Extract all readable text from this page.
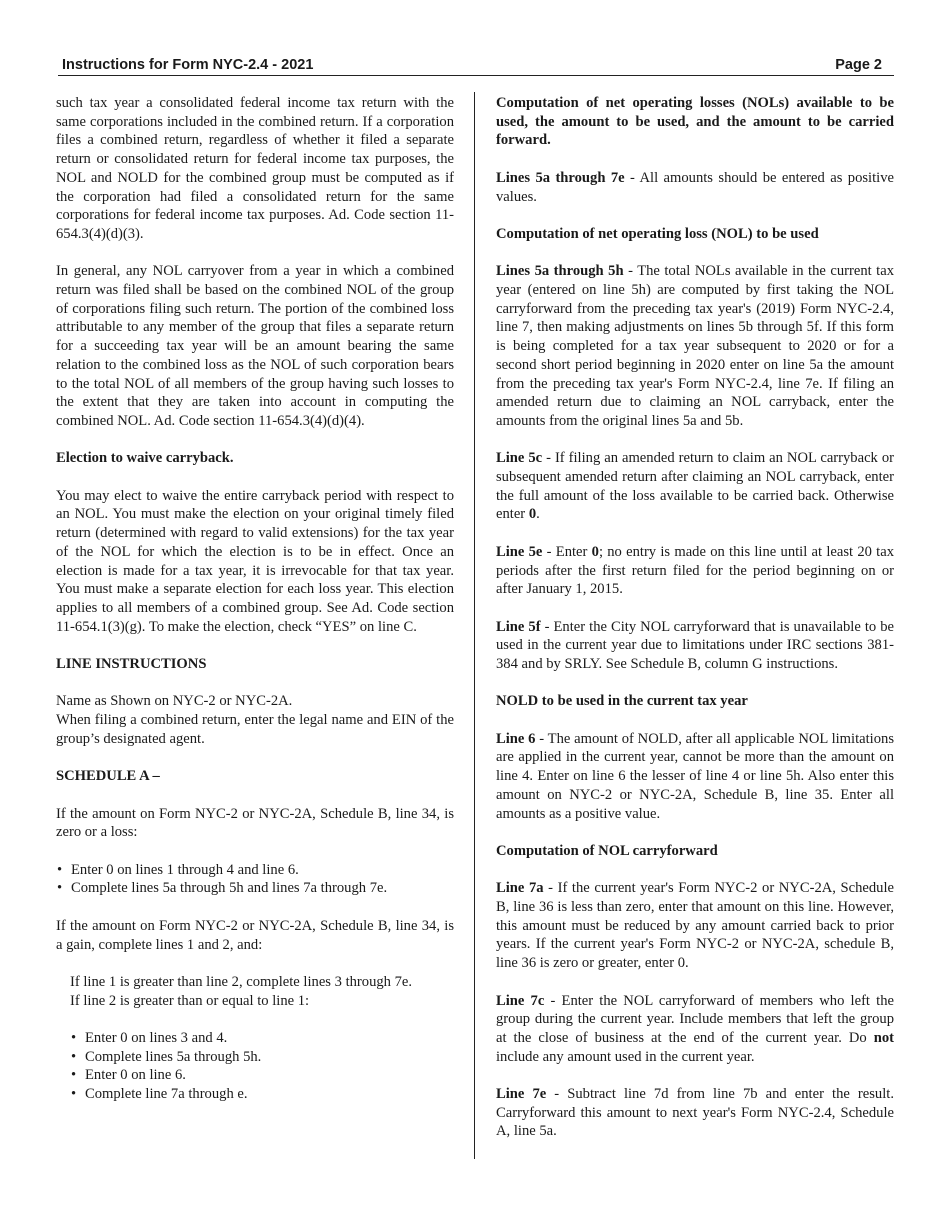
Instructions for Form NYC-2.4 - 2021	Page 2

such tax year a consolidated federal income tax return with the same corporations included in the combined return. If a corporation files a combined return, regardless of whether it filed a separate return or consolidated return for federal income tax purposes, the NOL and NOLD for the combined group must be computed as if the corporation had filed a consolidated return for the same corporations for federal income tax purposes. Ad. Code section 11-654.3(4)(d)(3).

In general, any NOL carryover from a year in which a combined return was filed shall be based on the combined NOL of the group of corporations filing such return. The portion of the combined loss attributable to any member of the group that files a separate return for a succeeding tax year will be an amount bearing the same relation to the combined loss as the NOL of such corporation bears to the total NOL of all members of the group having such losses to the extent that they are taken into account in computing the combined NOL. Ad. Code section 11-654.3(4)(d)(4).

Election to waive carryback.

You may elect to waive the entire carryback period with respect to an NOL. You must make the election on your original timely filed return (determined with regard to valid extensions) for the tax year of the NOL for which the election is to be in effect. Once an election is made for a tax year, it is irrevocable for that tax year. You must make a separate election for each loss year. This election applies to all members of a combined group. See Ad. Code section 11-654.1(3)(g). To make the election, check “YES” on line C.

LINE INSTRUCTIONS

Name as Shown on NYC-2 or NYC-2A.

When filing a combined return, enter the legal name and EIN of the group’s designated agent.

SCHEDULE A –

If the amount on Form NYC-2 or NYC-2A, Schedule B, line 34, is zero or a loss:

• Enter 0 on lines 1 through 4 and line 6.
• Complete lines 5a through 5h and lines 7a through 7e.

If the amount on Form NYC-2 or NYC-2A, Schedule B, line 34, is a gain, complete lines 1 and 2, and:

If line 1 is greater than line 2, complete lines 3 through 7e.

If line 2 is greater than or equal to line 1:

• Enter 0 on lines 3 and 4.
• Complete lines 5a through 5h.
• Enter 0 on line 6.
• Complete line 7a through e.

Computation of net operating losses (NOLs) available to be used, the amount to be used, and the amount to be carried forward.

Lines 5a through 7e - All amounts should be entered as positive values.

Computation of net operating loss (NOL) to be used

Lines 5a through 5h - The total NOLs available in the current tax year (entered on line 5h) are computed by first taking the NOL carryforward from the preceding tax year's (2019) Form NYC-2.4, line 7, then making adjustments on lines 5b through 5f. If this form is being completed for a tax year subsequent to 2020 or for a second short period beginning in 2020 enter on line 5a the amount from the preceding tax year's Form NYC-2.4, line 7e. If filing an amended return due to claiming an NOL carryback, enter the amounts from the original lines 5a and 5b.

Line 5c - If filing an amended return to claim an NOL carryback or subsequent amended return after claiming an NOL carryback, enter the full amount of the loss available to be carried back. Otherwise enter 0.

Line 5e - Enter 0; no entry is made on this line until at least 20 tax periods after the first return filed for the period beginning on or after January 1, 2015.

Line 5f - Enter the City NOL carryforward that is unavailable to be used in the current year due to limitations under IRC sections 381-384 and by SRLY. See Schedule B, column G instructions.

NOLD to be used in the current tax year

Line 6 - The amount of NOLD, after all applicable NOL limitations are applied in the current year, cannot be more than the amount on line 4. Enter on line 6 the lesser of line 4 or line 5h. Also enter this amount on NYC-2 or NYC-2A, Schedule B, line 35. Enter all amounts as a positive value.

Computation of NOL carryforward

Line 7a - If the current year's Form NYC-2 or NYC-2A, Schedule B, line 36 is less than zero, enter that amount on this line. However, this amount must be reduced by any amount carried back to prior years. If the current year's Form NYC-2 or NYC-2A, schedule B, line 36 is zero or greater, enter 0.

Line 7c - Enter the NOL carryforward of members who left the group during the current year. Include members that left the group at the close of business at the end of the current year. Do not include any amount used in the current year.

Line 7e - Subtract line 7d from line 7b and enter the result. Carryforward this amount to next year's Form NYC-2.4, Schedule A, line 5a.
